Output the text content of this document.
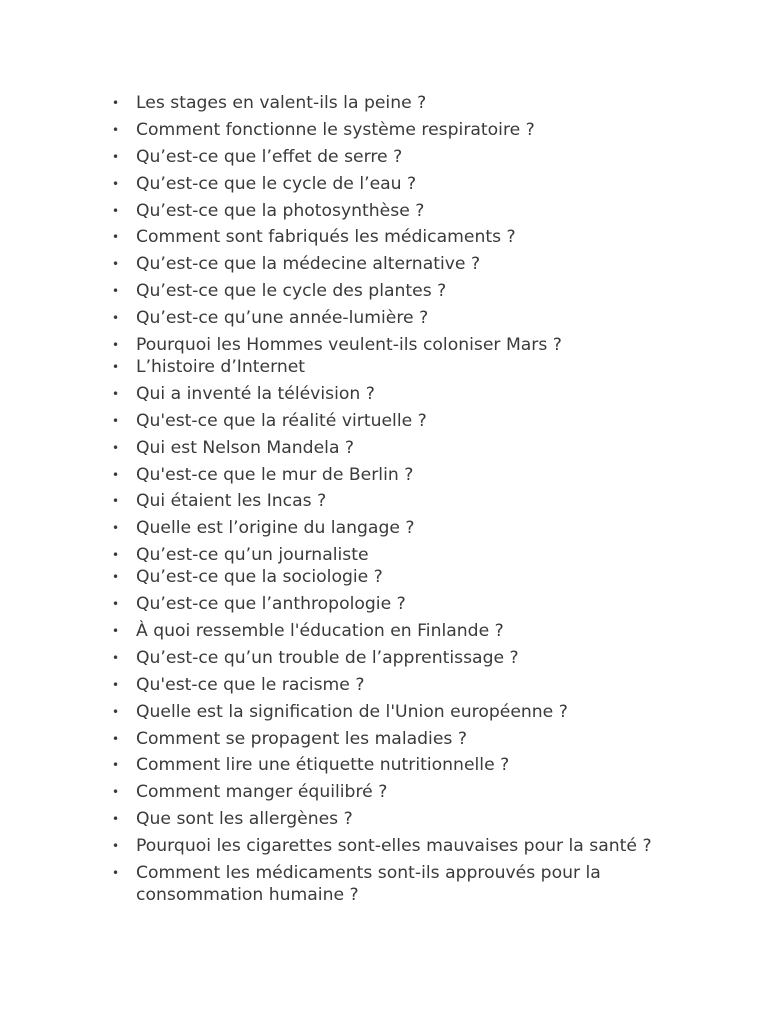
• Les stages en valent-ils la peine ?
• Comment fonctionne le système respiratoire ?
• Qu’est-ce que l’effet de serre ?
• Qu’est-ce que le cycle de l’eau ?
• Qu’est-ce que la photosynthèse ?
• Comment sont fabriqués les médicaments ?
• Qu’est-ce que la médecine alternative ?
• Qu’est-ce que le cycle des plantes ?
• Qu’est-ce qu’une année-lumière ?
• Pourquoi les Hommes veulent-ils coloniser Mars ?
• L’histoire d’Internet
• Qui a inventé la télévision ?
• Qu'est-ce que la réalité virtuelle ?
• Qui est Nelson Mandela ?
• Qu'est-ce que le mur de Berlin ?
• Qui étaient les Incas ?
• Quelle est l’origine du langage ?
• Qu’est-ce qu’un journaliste
• Qu’est-ce que la sociologie ?
• Qu’est-ce que l’anthropologie ?
• À quoi ressemble l'éducation en Finlande ?
• Qu’est-ce qu’un trouble de l’apprentissage ?
• Qu'est-ce que le racisme ?
• Quelle est la signification de l'Union européenne ?
• Comment se propagent les maladies ?
• Comment lire une étiquette nutritionnelle ?
• Comment manger équilibré ?
• Que sont les allergènes ?
• Pourquoi les cigarettes sont-elles mauvaises pour la santé ?
• Comment les médicaments sont-ils approuvés pour la consommation humaine ?
